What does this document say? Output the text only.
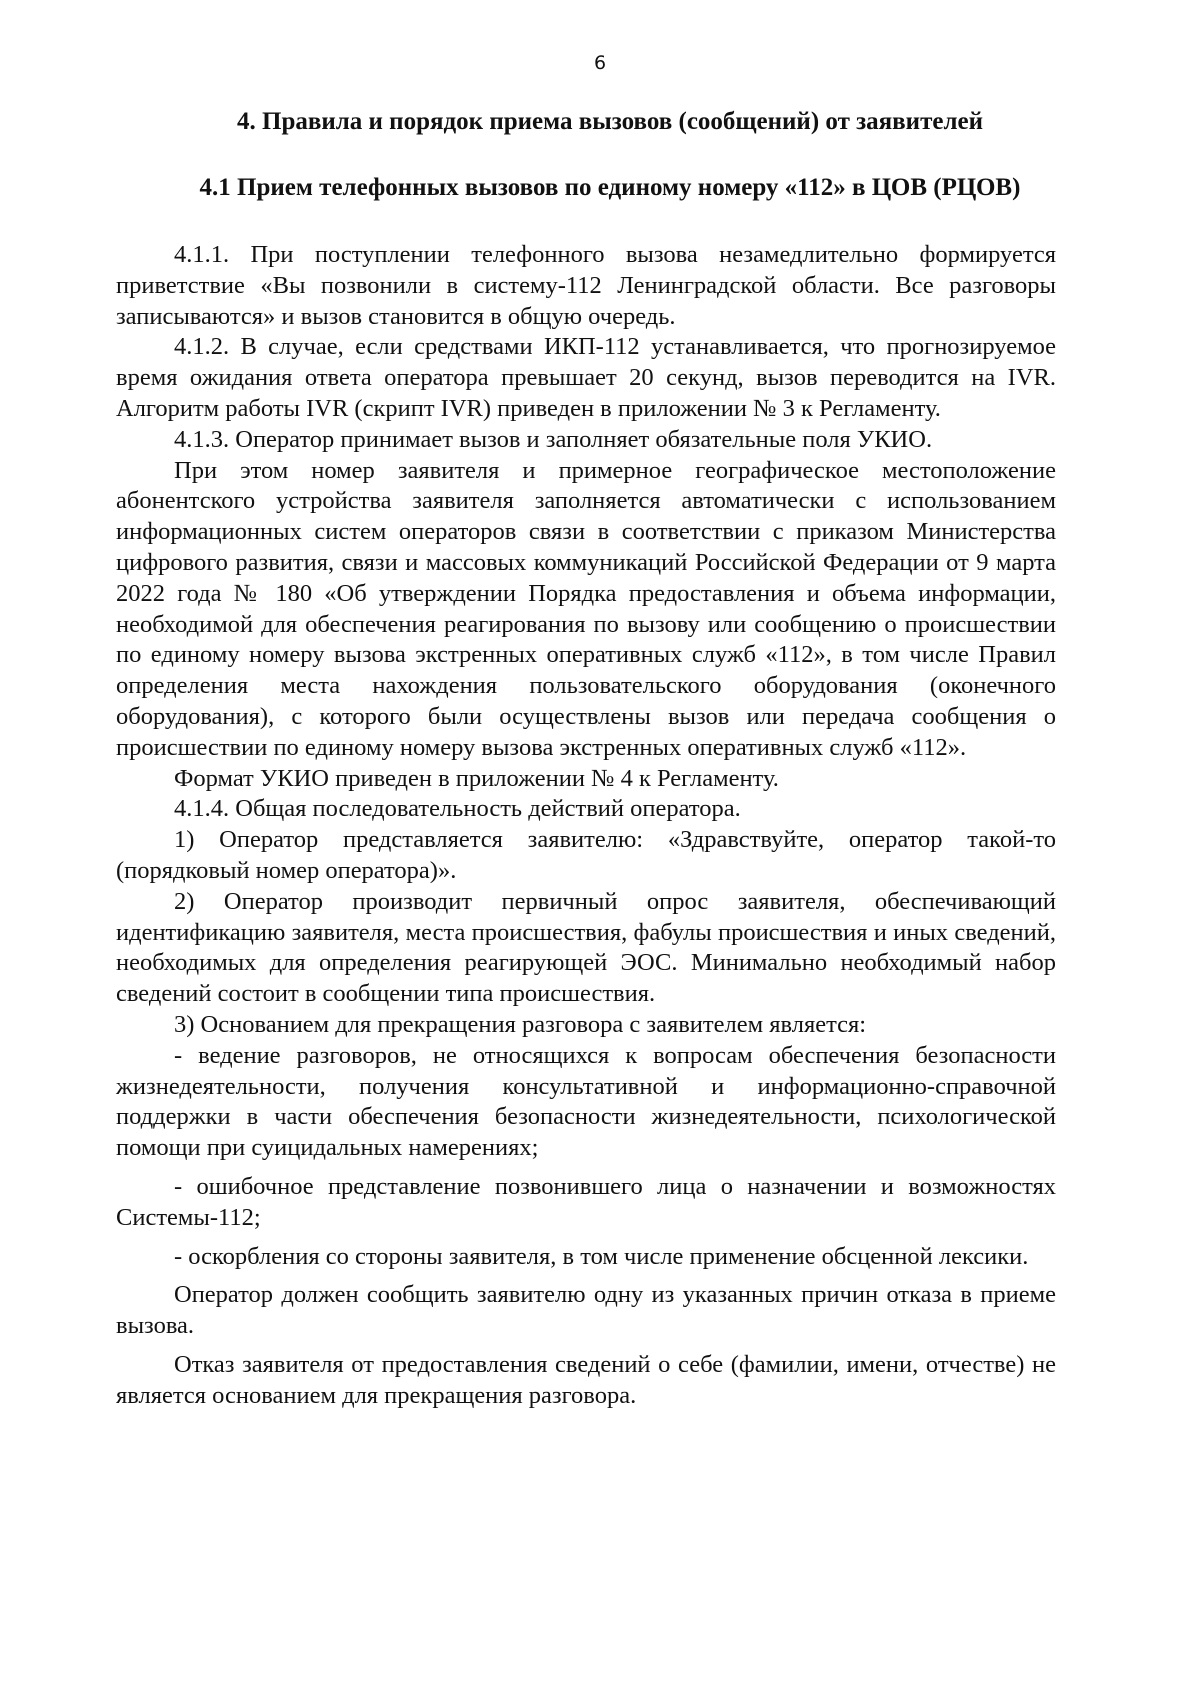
6
4. Правила и порядок приема вызовов (сообщений) от заявителей
4.1 Прием телефонных вызовов по единому номеру «112» в ЦОВ (РЦОВ)

4.1.1. При поступлении телефонного вызова незамедлительно формируется приветствие «Вы позвонили в систему-112 Ленинградской области. Все разговоры записываются» и вызов становится в общую очередь.

4.1.2. В случае, если средствами ИКП-112 устанавливается, что прогнозируемое время ожидания ответа оператора превышает 20 секунд, вызов переводится на IVR. Алгоритм работы IVR (скрипт IVR) приведен в приложении № 3 к Регламенту.

4.1.3. Оператор принимает вызов и заполняет обязательные поля УКИО.

При этом номер заявителя и примерное географическое местоположение абонентского устройства заявителя заполняется автоматически с использованием информационных систем операторов связи в соответствии с приказом Министерства цифрового развития, связи и массовых коммуникаций Российской Федерации от 9 марта 2022 года № 180 «Об утверждении Порядка предоставления и объема информации, необходимой для обеспечения реагирования по вызову или сообщению о происшествии по единому номеру вызова экстренных оперативных служб «112», в том числе Правил определения места нахождения пользовательского оборудования (оконечного оборудования), с которого были осуществлены вызов или передача сообщения о происшествии по единому номеру вызова экстренных оперативных служб «112».

Формат УКИО приведен в приложении № 4 к Регламенту.

4.1.4. Общая последовательность действий оператора.

1) Оператор представляется заявителю: «Здравствуйте, оператор такой-то (порядковый номер оператора)».

2) Оператор производит первичный опрос заявителя, обеспечивающий идентификацию заявителя, места происшествия, фабулы происшествия и иных сведений, необходимых для определения реагирующей ЭОС. Минимально необходимый набор сведений состоит в сообщении типа происшествия.

3) Основанием для прекращения разговора с заявителем является:

- ведение разговоров, не относящихся к вопросам обеспечения безопасности жизнедеятельности, получения консультативной и информационно-справочной поддержки в части обеспечения безопасности жизнедеятельности, психологической помощи при суицидальных намерениях;

- ошибочное представление позвонившего лица о назначении и возможностях Системы-112;

- оскорбления со стороны заявителя, в том числе применение обсценной лексики.

Оператор должен сообщить заявителю одну из указанных причин отказа в приеме вызова.

Отказ заявителя от предоставления сведений о себе (фамилии, имени, отчестве) не является основанием для прекращения разговора.
